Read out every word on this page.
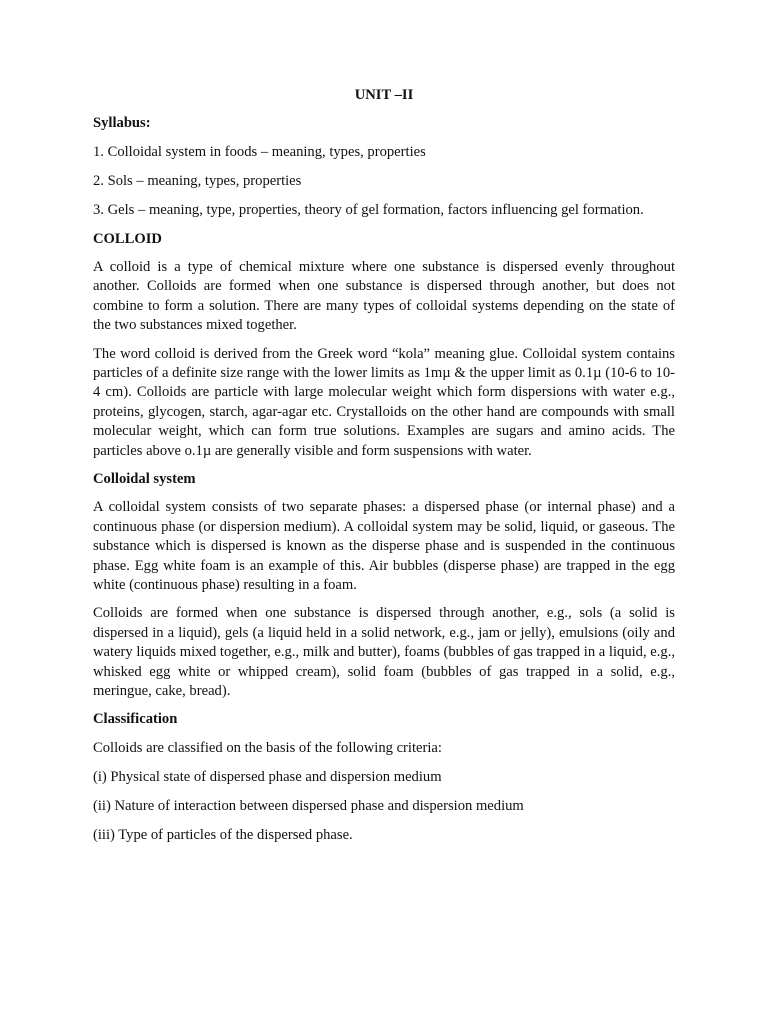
UNIT –II
Syllabus:
1. Colloidal system in foods – meaning, types, properties
2. Sols – meaning, types, properties
3. Gels – meaning, type, properties, theory of gel formation, factors influencing gel formation.
COLLOID
A colloid is a type of chemical mixture where one substance is dispersed evenly throughout another. Colloids are formed when one substance is dispersed through another, but does not combine to form a solution. There are many types of colloidal systems depending on the state of the two substances mixed together.
The word colloid is derived from the Greek word “kola” meaning glue. Colloidal system contains particles of a definite size range with the lower limits as 1mµ & the upper limit as 0.1µ (10-6 to 10-4 cm). Colloids are particle with large molecular weight which form dispersions with water e.g., proteins, glycogen, starch, agar-agar etc. Crystalloids on the other hand are compounds with small molecular weight, which can form true solutions. Examples are sugars and amino acids. The particles above o.1µ are generally visible and form suspensions with water.
Colloidal system
A colloidal system consists of two separate phases: a dispersed phase (or internal phase) and a continuous phase (or dispersion medium). A colloidal system may be solid, liquid, or gaseous. The substance which is dispersed is known as the disperse phase and is suspended in the continuous phase. Egg white foam is an example of this. Air bubbles (disperse phase) are trapped in the egg white (continuous phase) resulting in a foam.
Colloids are formed when one substance is dispersed through another, e.g., sols (a solid is dispersed in a liquid), gels (a liquid held in a solid network, e.g., jam or jelly), emulsions (oily and watery liquids mixed together, e.g., milk and butter), foams (bubbles of gas trapped in a liquid, e.g., whisked egg white or whipped cream), solid foam (bubbles of gas trapped in a solid, e.g., meringue, cake, bread).
Classification
Colloids are classified on the basis of the following criteria:
(i) Physical state of dispersed phase and dispersion medium
(ii) Nature of interaction between dispersed phase and dispersion medium
(iii) Type of particles of the dispersed phase.
